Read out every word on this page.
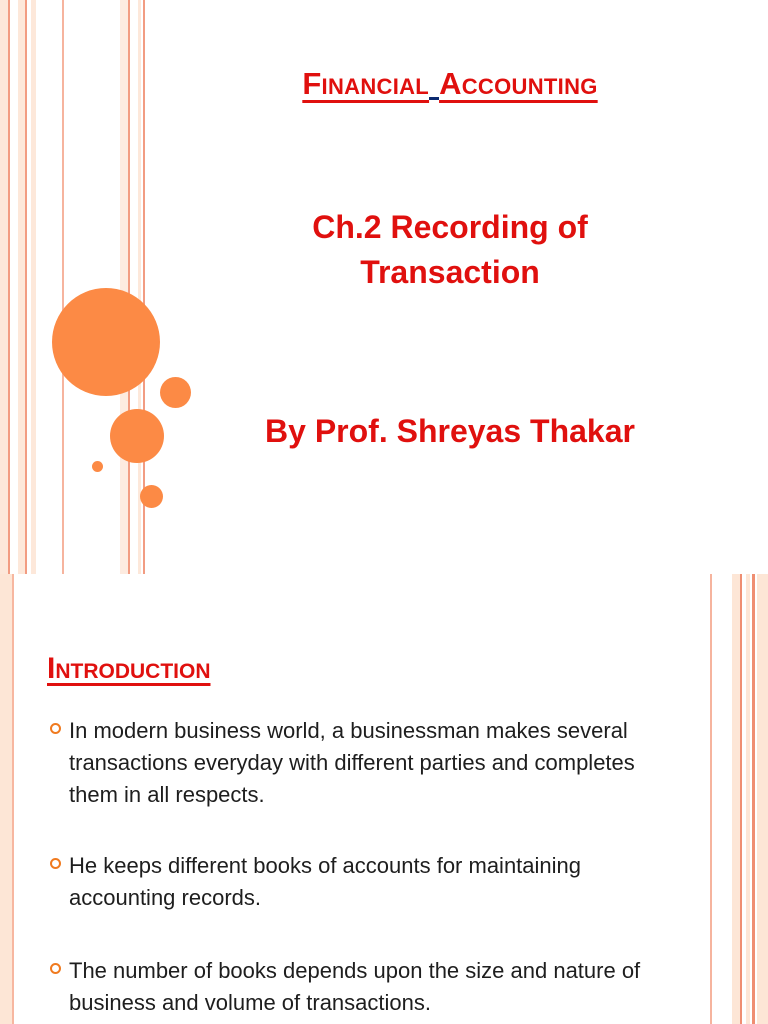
Financial Accounting
Ch.2 Recording of
Transaction
By Prof. Shreyas Thakar
Introduction
In modern business world, a businessman makes several transactions everyday with different parties and completes them in all respects.
He keeps different books of accounts for maintaining accounting records.
The number of books depends upon the size and nature of business and volume of transactions.
